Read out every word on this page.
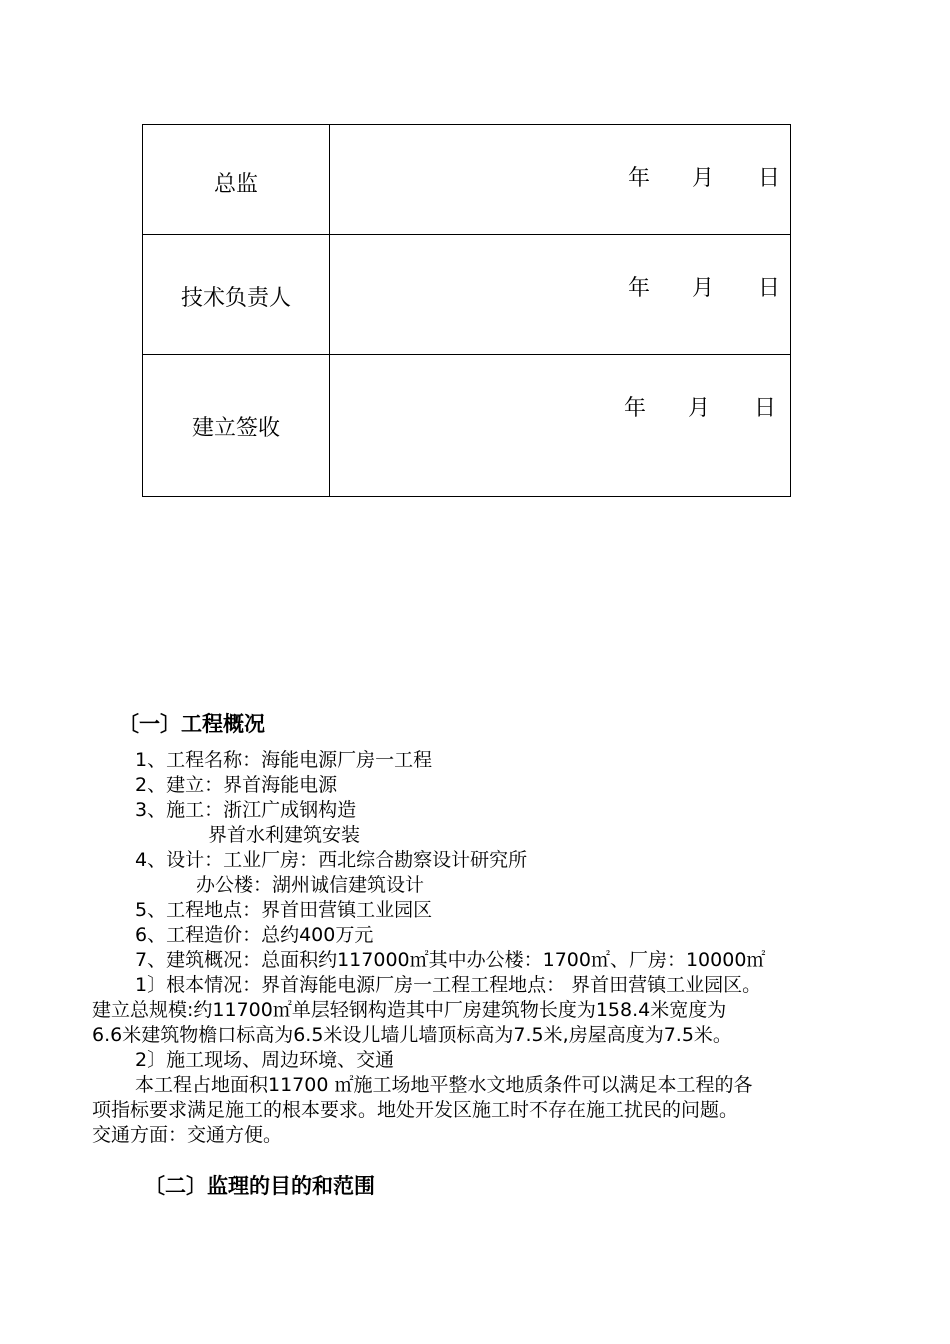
总监	年 月 日

技术负责人	年 月 日

建立签收	年 月 日
〔一〕工程概况
1、工程名称：海能电源厂房一工程
2、建立：界首海能电源
3、施工：浙江广成钢构造
界首水利建筑安装
4、设计：工业厂房：西北综合勘察设计研究所
办公楼：湖州诚信建筑设计
5、工程地点：界首田营镇工业园区
6、工程造价：总约400万元
7、建筑概况：总面积约117000㎡其中办公楼：1700㎡、厂房：10000㎡
1〕根本情况：界首海能电源厂房一工程工程地点： 界首田营镇工业园区。
建立总规模:约11700㎡单层轻钢构造其中厂房建筑物长度为158.4米宽度为
6.6米建筑物檐口标高为6.5米设儿墙儿墙顶标高为7.5米,房屋高度为7.5米。
2〕施工现场、周边环境、交通
本工程占地面积11700 ㎡施工场地平整水文地质条件可以满足本工程的各
项指标要求满足施工的根本要求。地处开发区施工时不存在施工扰民的问题。
交通方面：交通方便。
〔二〕监理的目的和范围
